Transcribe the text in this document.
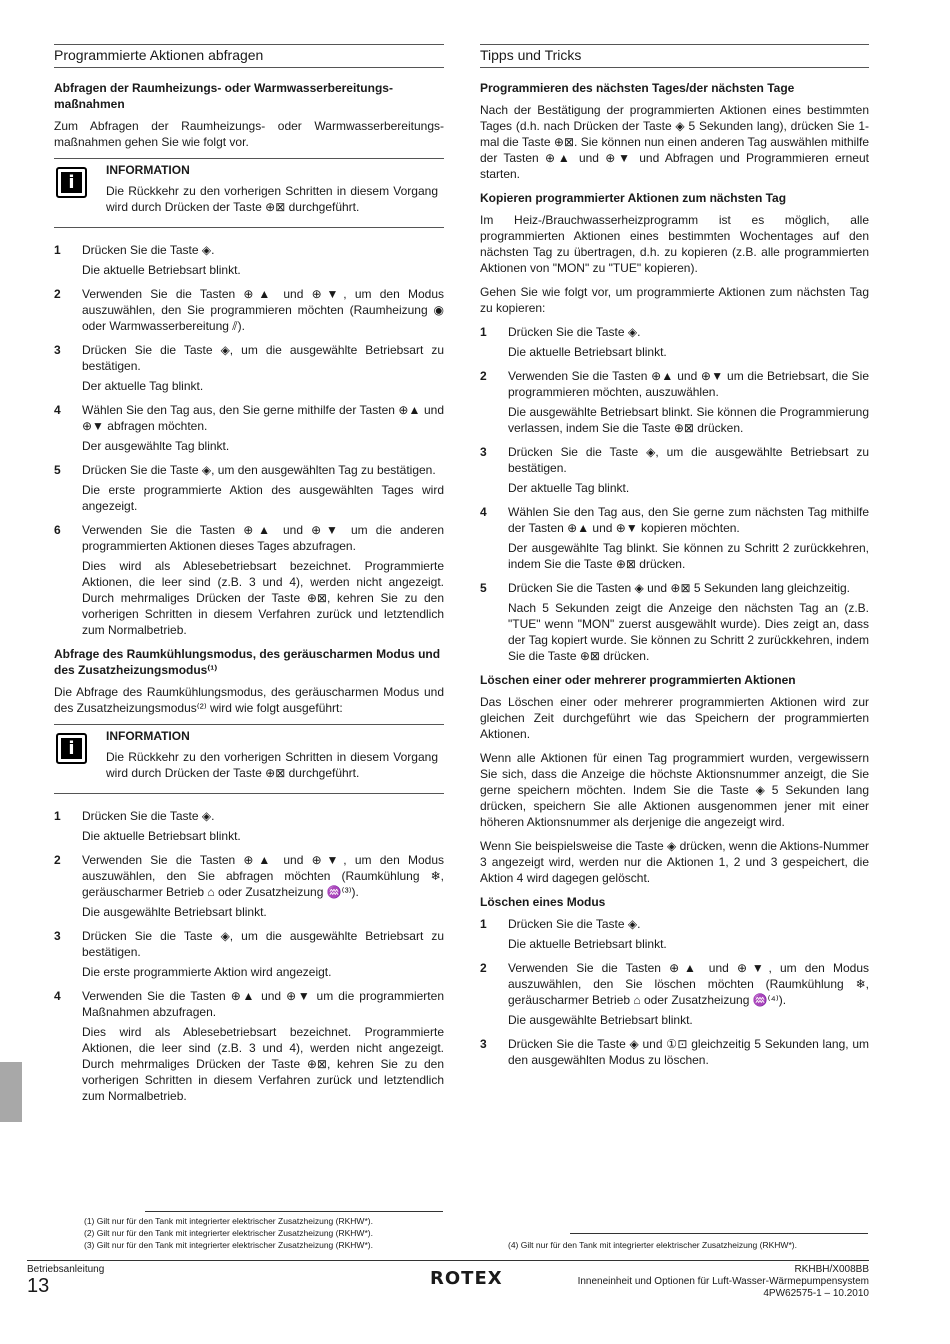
Programmierte Aktionen abfragen
Abfragen der Raumheizungs- oder Warmwasserbereitungs-maßnahmen
Zum Abfragen der Raumheizungs- oder Warmwasserbereitungs-maßnahmen gehen Sie wie folgt vor.
i
INFORMATION
Die Rückkehr zu den vorherigen Schritten in diesem Vorgang wird durch Drücken der Taste ⊕⊠ durchgeführt.
1 Drücken Sie die Taste ◈.
Die aktuelle Betriebsart blinkt.
2 Verwenden Sie die Tasten ⊕▲ und ⊕▼, um den Modus auszuwählen, den Sie programmieren möchten (Raumheizung ◉ oder Warmwasserbereitung ⫽).
3 Drücken Sie die Taste ◈, um die ausgewählte Betriebsart zu bestätigen.
Der aktuelle Tag blinkt.
4 Wählen Sie den Tag aus, den Sie gerne mithilfe der Tasten ⊕▲ und ⊕▼ abfragen möchten.
Der ausgewählte Tag blinkt.
5 Drücken Sie die Taste ◈, um den ausgewählten Tag zu bestätigen.
Die erste programmierte Aktion des ausgewählten Tages wird angezeigt.
6 Verwenden Sie die Tasten ⊕▲ und ⊕▼ um die anderen programmierten Aktionen dieses Tages abzufragen.
Dies wird als Ablesebetriebsart bezeichnet. Programmierte Aktionen, die leer sind (z.B. 3 und 4), werden nicht angezeigt. Durch mehrmaliges Drücken der Taste ⊕⊠, kehren Sie zu den vorherigen Schritten in diesem Verfahren zurück und letztendlich zum Normalbetrieb.
Abfrage des Raumkühlungsmodus, des geräuscharmen Modus und des Zusatzheizungsmodus⁽¹⁾
Die Abfrage des Raumkühlungsmodus, des geräuscharmen Modus und des Zusatzheizungsmodus⁽²⁾ wird wie folgt ausgeführt:
i
INFORMATION
Die Rückkehr zu den vorherigen Schritten in diesem Vorgang wird durch Drücken der Taste ⊕⊠ durchgeführt.
1 Drücken Sie die Taste ◈.
Die aktuelle Betriebsart blinkt.
2 Verwenden Sie die Tasten ⊕▲ und ⊕▼, um den Modus auszuwählen, den Sie abfragen möchten (Raumkühlung ❄, geräuscharmer Betrieb ⌂ oder Zusatzheizung ♒⁽³⁾).
Die ausgewählte Betriebsart blinkt.
3 Drücken Sie die Taste ◈, um die ausgewählte Betriebsart zu bestätigen.
Die erste programmierte Aktion wird angezeigt.
4 Verwenden Sie die Tasten ⊕▲ und ⊕▼ um die programmierten Maßnahmen abzufragen.
Dies wird als Ablesebetriebsart bezeichnet. Programmierte Aktionen, die leer sind (z.B. 3 und 4), werden nicht angezeigt. Durch mehrmaliges Drücken der Taste ⊕⊠, kehren Sie zu den vorherigen Schritten in diesem Verfahren zurück und letztendlich zum Normalbetrieb.
Tipps und Tricks
Programmieren des nächsten Tages/der nächsten Tage
Nach der Bestätigung der programmierten Aktionen eines bestimmten Tages (d.h. nach Drücken der Taste ◈ 5 Sekunden lang), drücken Sie 1-mal die Taste ⊕⊠. Sie können nun einen anderen Tag auswählen mithilfe der Tasten ⊕▲ und ⊕▼ und Abfragen und Programmieren erneut starten.
Kopieren programmierter Aktionen zum nächsten Tag
Im Heiz-/Brauchwasserheizprogramm ist es möglich, alle programmierten Aktionen eines bestimmten Wochentages auf den nächsten Tag zu übertragen, d.h. zu kopieren (z.B. alle programmierten Aktionen von "MON" zu "TUE" kopieren).
Gehen Sie wie folgt vor, um programmierte Aktionen zum nächsten Tag zu kopieren:
1 Drücken Sie die Taste ◈.
Die aktuelle Betriebsart blinkt.
2 Verwenden Sie die Tasten ⊕▲ und ⊕▼ um die Betriebsart, die Sie programmieren möchten, auszuwählen.
Die ausgewählte Betriebsart blinkt. Sie können die Programmierung verlassen, indem Sie die Taste ⊕⊠ drücken.
3 Drücken Sie die Taste ◈, um die ausgewählte Betriebsart zu bestätigen.
Der aktuelle Tag blinkt.
4 Wählen Sie den Tag aus, den Sie gerne zum nächsten Tag mithilfe der Tasten ⊕▲ und ⊕▼ kopieren möchten.
Der ausgewählte Tag blinkt. Sie können zu Schritt 2 zurückkehren, indem Sie die Taste ⊕⊠ drücken.
5 Drücken Sie die Tasten ◈ und ⊕⊠ 5 Sekunden lang gleichzeitig.
Nach 5 Sekunden zeigt die Anzeige den nächsten Tag an (z.B. "TUE" wenn "MON" zuerst ausgewählt wurde). Dies zeigt an, dass der Tag kopiert wurde. Sie können zu Schritt 2 zurückkehren, indem Sie die Taste ⊕⊠ drücken.
Löschen einer oder mehrerer programmierten Aktionen
Das Löschen einer oder mehrerer programmierten Aktionen wird zur gleichen Zeit durchgeführt wie das Speichern der programmierten Aktionen.
Wenn alle Aktionen für einen Tag programmiert wurden, vergewissern Sie sich, dass die Anzeige die höchste Aktionsnummer anzeigt, die Sie gerne speichern möchten. Indem Sie die Taste ◈ 5 Sekunden lang drücken, speichern Sie alle Aktionen ausgenommen jener mit einer höheren Aktionsnummer als derjenige die angezeigt wird.
Wenn Sie beispielsweise die Taste ◈ drücken, wenn die Aktions-Nummer 3 angezeigt wird, werden nur die Aktionen 1, 2 und 3 gespeichert, die Aktion 4 wird dagegen gelöscht.
Löschen eines Modus
1 Drücken Sie die Taste ◈.
Die aktuelle Betriebsart blinkt.
2 Verwenden Sie die Tasten ⊕▲ und ⊕▼, um den Modus auszuwählen, den Sie löschen möchten (Raumkühlung ❄, geräuscharmer Betrieb ⌂ oder Zusatzheizung ♒⁽⁴⁾).
Die ausgewählte Betriebsart blinkt.
3 Drücken Sie die Taste ◈ und ①⊡ gleichzeitig 5 Sekunden lang, um den ausgewählten Modus zu löschen.
(1) Gilt nur für den Tank mit integrierter elektrischer Zusatzheizung (RKHW*).
(2) Gilt nur für den Tank mit integrierter elektrischer Zusatzheizung (RKHW*).
(3) Gilt nur für den Tank mit integrierter elektrischer Zusatzheizung (RKHW*).	(4) Gilt nur für den Tank mit integrierter elektrischer Zusatzheizung (RKHW*).
Betriebsanleitung
13	ROTEX	RKHBH/X008BB
Inneneinheit und Optionen für Luft-Wasser-Wärmepumpensystem
4PW62575-1 – 10.2010
